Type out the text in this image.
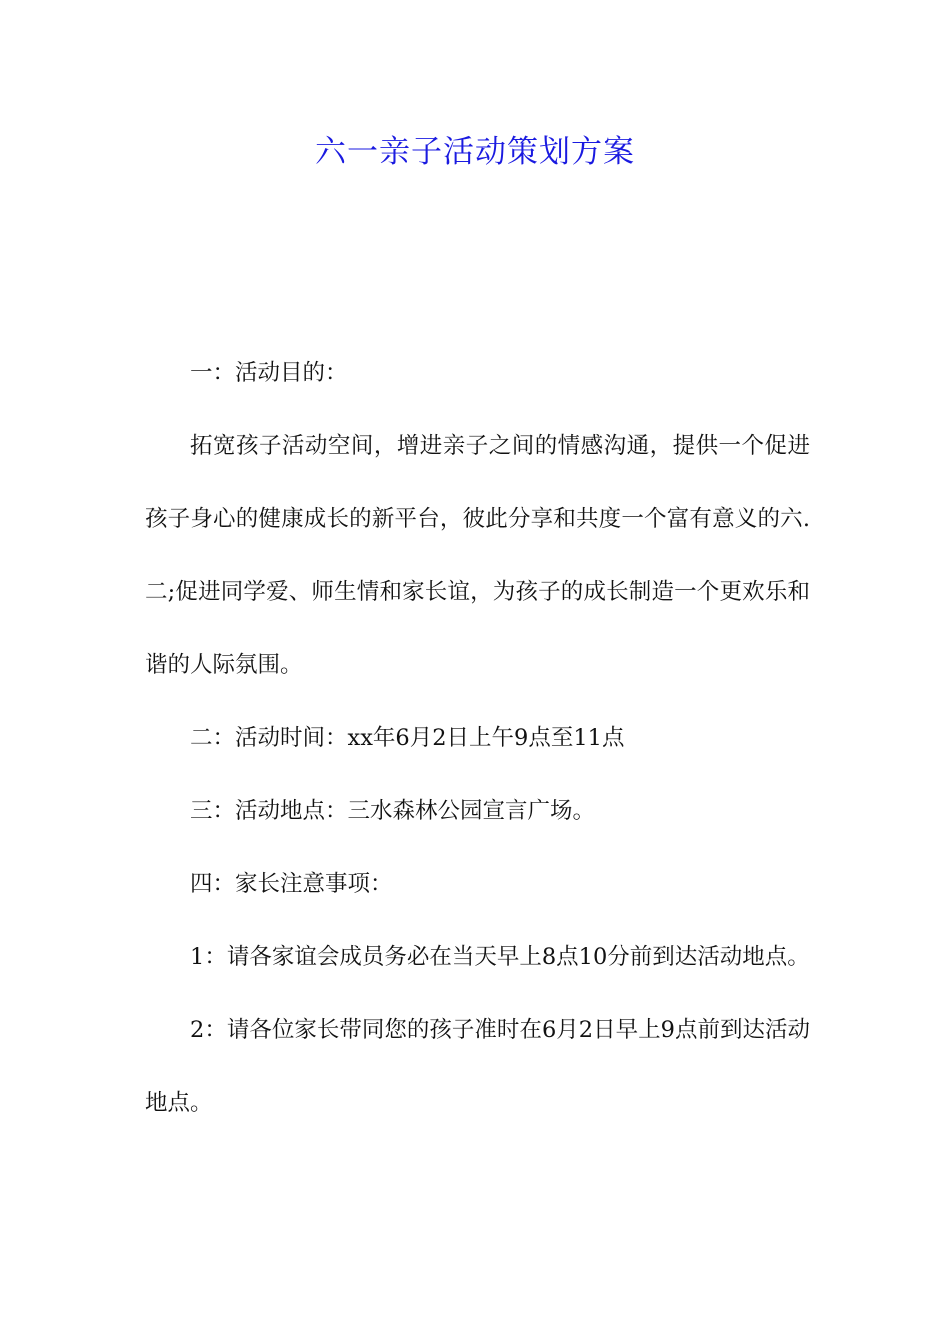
六一亲子活动策划方案

一：活动目的：

拓宽孩子活动空间，增进亲子之间的情感沟通，提供一个促进孩子身心的健康成长的新平台，彼此分享和共度一个富有意义的六.二;促进同学爱、师生情和家长谊，为孩子的成长制造一个更欢乐和谐的人际氛围。

二：活动时间：xx年6月2日上午9点至11点

三：活动地点：三水森林公园宣言广场。

四：家长注意事项：

1：请各家谊会成员务必在当天早上8点10分前到达活动地点。

2：请各位家长带同您的孩子准时在6月2日早上9点前到达活动地点。
